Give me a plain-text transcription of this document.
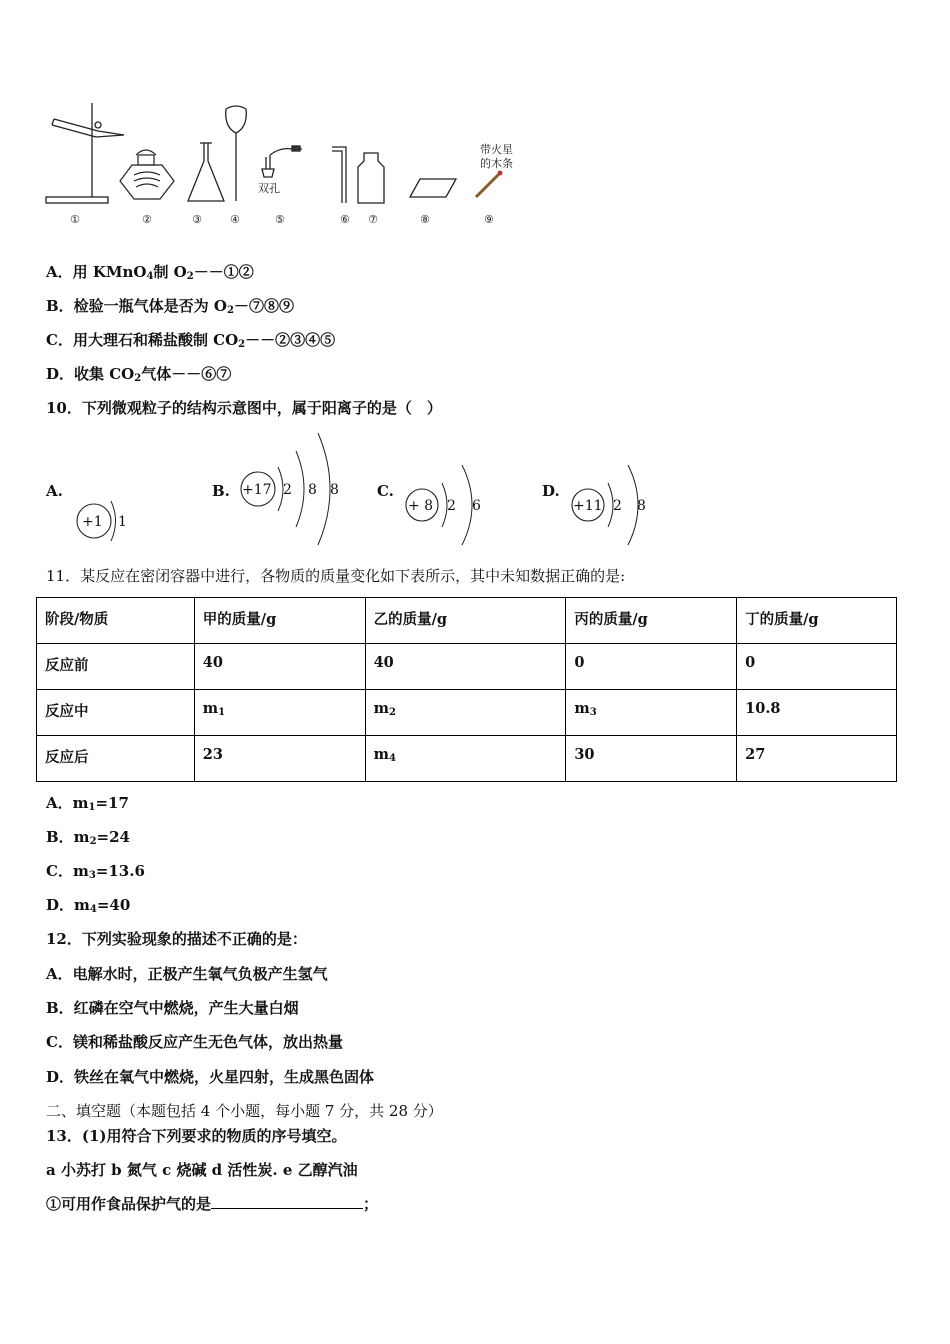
双孔
带火星
的木条
①	②	③	④	⑤	⑥ ⑦	⑧	⑨
A．用 KMnO$_4$制 $O_2--①②$
B．检验一瓶气体是否为 $O_2-⑦⑧⑨$
C．用大理石和稀盐酸制 $CO_2--②③④⑤$
D．收集 $CO_2$气体－－⑥⑦
10．下列微观粒子的结构示意图中，属于阳离子的是（　）
A.	B.	C.	D.
+1 1
+17 2 8 8
+ 8 2 6	+11 2 8
11．某反应在密闭容器中进行，各物质的质量变化如下表所示，其中未知数据正确的是:
阶段/物质	甲的质量/g	乙的质量/g	丙的质量/g	丁的质量/g
反应前	40	40	0	0
反应中	$m_1$	$m_2$	$m_3$	10.8
反应后	23	$m_4$	30	27
A．$m_1=17$
B．$m_2=24$
C．$m_3=13.6$
D．$m_4=40$
12．下列实验现象的描述不正确的是：
A．电解水时，正极产生氧气负极产生氢气
B．红磷在空气中燃烧，产生大量白烟
C．镁和稀盐酸反应产生无色气体，放出热量
D．铁丝在氧气中燃烧，火星四射，生成黑色固体
二、填空题（本题包括 4 个小题，每小题 7 分，共 28 分）
13．(1)用符合下列要求的物质的序号填空。
a 小苏打 b 氮气 c 烧碱 d 活性炭. e 乙醇汽油
①可用作食品保护气的是	；
